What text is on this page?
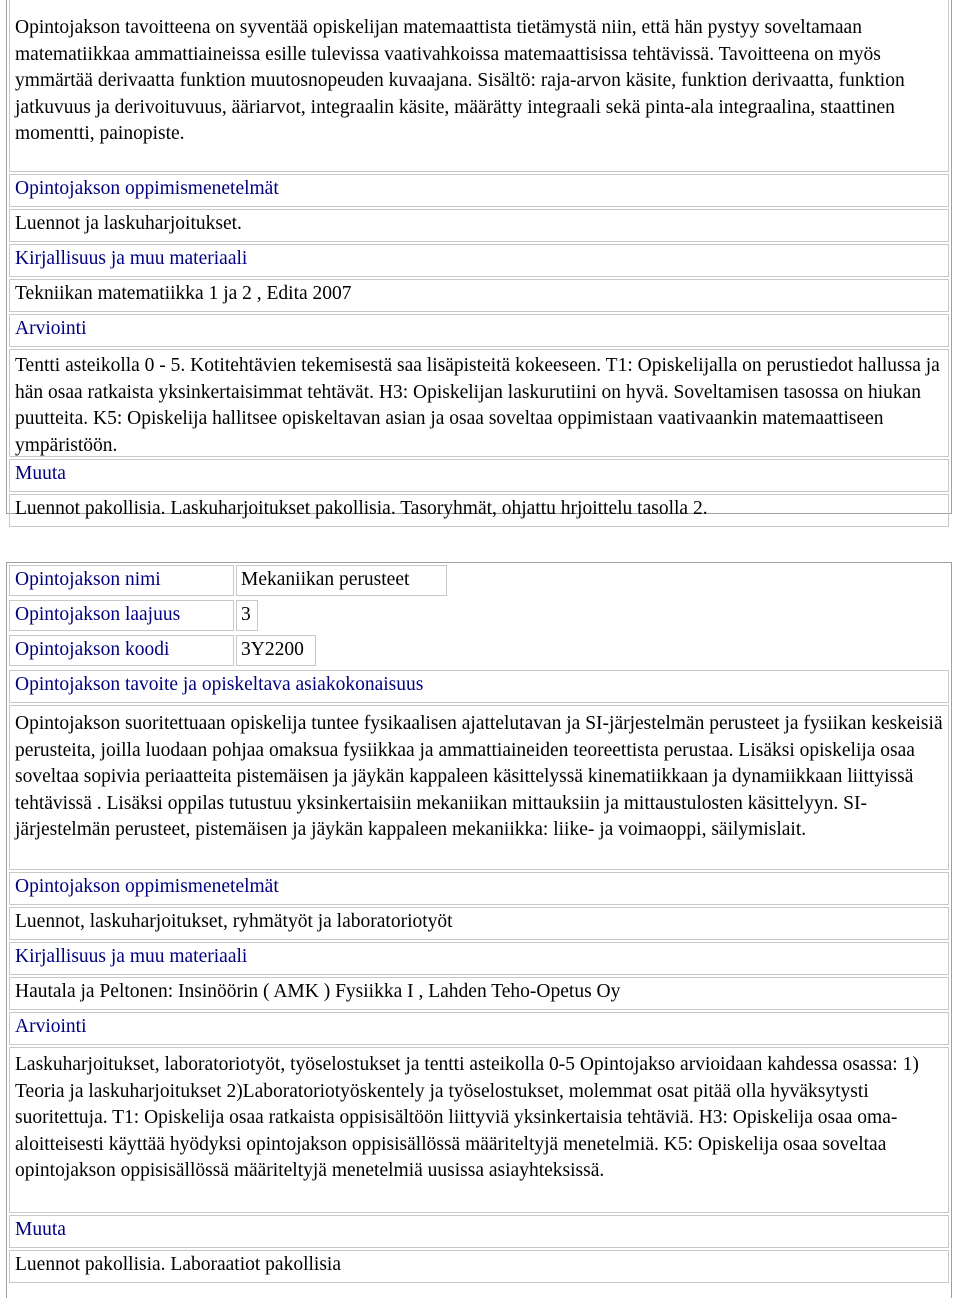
Opintojakson tavoitteena on syventää opiskelijan matemaattista tietämystä niin, että hän pystyy soveltamaan matematiikkaa ammattiaineissa esille tulevissa vaativahkoissa matemaattisissa tehtävissä. Tavoitteena on myös ymmärtää derivaatta funktion muutosnopeuden kuvaajana. Sisältö: raja-arvon käsite, funktion derivaatta, funktion jatkuvuus ja derivoituvuus, ääriarvot, integraalin käsite, määrätty integraali sekä pinta-ala integraalina, staattinen momentti, painopiste.
Opintojakson oppimismenetelmät
Luennot ja laskuharjoitukset.
Kirjallisuus ja muu materiaali
Tekniikan matematiikka 1 ja 2 , Edita 2007
Arviointi
Tentti asteikolla 0 - 5. Kotitehtävien tekemisestä saa lisäpisteitä kokeeseen. T1: Opiskelijalla on perustiedot hallussa ja hän osaa ratkaista yksinkertaisimmat tehtävät. H3: Opiskelijan laskurutiini on hyvä. Soveltamisen tasossa on hiukan puutteita. K5: Opiskelija hallitsee opiskeltavan asian ja osaa soveltaa oppimistaan vaativaankin matemaattiseen ympäristöön.
Muuta
Luennot pakollisia. Laskuharjoitukset pakollisia. Tasoryhmät, ohjattu hrjoittelu tasolla 2.
Opintojakson nimi	Mekaniikan perusteet
Opintojakson laajuus	3
Opintojakson koodi	3Y2200
Opintojakson tavoite ja opiskeltava asiakokonaisuus
Opintojakson suoritettuaan opiskelija tuntee fysikaalisen ajattelutavan ja SI-järjestelmän perusteet ja fysiikan keskeisiä perusteita, joilla luodaan pohjaa omaksua fysiikkaa ja ammattiaineiden teoreettista perustaa. Lisäksi opiskelija osaa soveltaa sopivia periaatteita pistemäisen ja jäykän kappaleen käsittelyssä kinematiikkaan ja dynamiikkaan liittyissä tehtävissä . Lisäksi oppilas tutustuu yksinkertaisiin mekaniikan mittauksiin ja mittaustulosten käsittelyyn. SI-järjestelmän perusteet, pistemäisen ja jäykän kappaleen mekaniikka: liike- ja voimaoppi, säilymislait.
Opintojakson oppimismenetelmät
Luennot, laskuharjoitukset, ryhmätyöt ja laboratoriotyöt
Kirjallisuus ja muu materiaali
Hautala ja Peltonen: Insinöörin ( AMK ) Fysiikka I , Lahden Teho-Opetus Oy
Arviointi
Laskuharjoitukset, laboratoriotyöt, työselostukset ja tentti asteikolla 0-5 Opintojakso arvioidaan kahdessa osassa: 1) Teoria ja laskuharjoitukset 2)Laboratoriotyöskentely ja työselostukset, molemmat osat pitää olla hyväksytysti suoritettuja. T1: Opiskelija osaa ratkaista oppisisältöön liittyviä yksinkertaisia tehtäviä. H3: Opiskelija osaa oma-aloitteisesti käyttää hyödyksi opintojakson oppisisällössä määriteltyjä menetelmiä. K5: Opiskelija osaa soveltaa opintojakson oppisisällössä määriteltyjä menetelmiä uusissa asiayhteksissä.
Muuta
Luennot pakollisia. Laboraatiot pakollisia
